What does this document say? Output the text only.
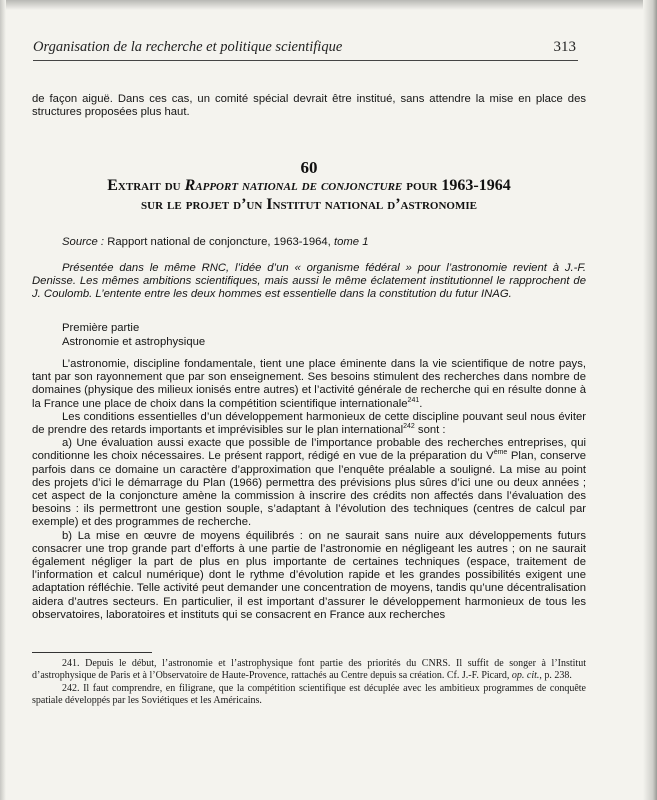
Organisation de la recherche et politique scientifique	313
de façon aiguë. Dans ces cas, un comité spécial devrait être institué, sans attendre la mise en place des structures proposées plus haut.
60
Extrait du Rapport national de conjoncture pour 1963-1964
sur le projet d’un Institut national d’astronomie
Source : Rapport national de conjoncture, 1963-1964, tome 1
Présentée dans le même RNC, l’idée d’un « organisme fédéral » pour l’astronomie revient à J.-F. Denisse. Les mêmes ambitions scientifiques, mais aussi le même éclatement institutionnel le rapprochent de J. Coulomb. L’entente entre les deux hommes est essentielle dans la constitution du futur INAG.
Première partie
Astronomie et astrophysique

L’astronomie, discipline fondamentale, tient une place éminente dans la vie scientifique de notre pays, tant par son rayonnement que par son enseignement. Ses besoins stimulent des recherches dans nombre de domaines (physique des milieux ionisés entre autres) et l’activité générale de recherche qui en résulte donne à la France une place de choix dans la compétition scientifique internationale$^{241}$.

Les conditions essentielles d’un développement harmonieux de cette discipline pouvant seul nous éviter de prendre des retards importants et imprévisibles sur le plan international$^{242}$ sont :

a) Une évaluation aussi exacte que possible de l’importance probable des recherches entreprises, qui conditionne les choix nécessaires. Le présent rapport, rédigé en vue de la préparation du Vème Plan, conserve parfois dans ce domaine un caractère d’approximation que l’enquête préalable a souligné. La mise au point des projets d’ici le démarrage du Plan (1966) permettra des prévisions plus sûres d’ici une ou deux années ; cet aspect de la conjoncture amène la commission à inscrire des crédits non affectés dans l’évaluation des besoins : ils permettront une gestion souple, s’adaptant à l’évolution des techniques (centres de calcul par exemple) et des programmes de recherche.

b) La mise en œuvre de moyens équilibrés : on ne saurait sans nuire aux développements futurs consacrer une trop grande part d’efforts à une partie de l’astronomie en négligeant les autres ; on ne saurait également négliger la part de plus en plus importante de certaines techniques (espace, traitement de l’information et calcul numérique) dont le rythme d’évolution rapide et les grandes possibilités exigent une adaptation réfléchie. Telle activité peut demander une concentration de moyens, tandis qu’une décentralisation aidera d’autres secteurs. En particulier, il est important d’assurer le développement harmonieux de tous les observatoires, laboratoires et instituts qui se consacrent en France aux recherches

241. Depuis le début, l’astronomie et l’astrophysique font partie des priorités du CNRS. Il suffit de songer à l’Institut d’astrophysique de Paris et à l’Observatoire de Haute-Provence, rattachés au Centre depuis sa création. Cf. J.-F. Picard, op. cit., p. 238.

242. Il faut comprendre, en filigrane, que la compétition scientifique est décuplée avec les ambitieux programmes de conquête spatiale développés par les Soviétiques et les Américains.
